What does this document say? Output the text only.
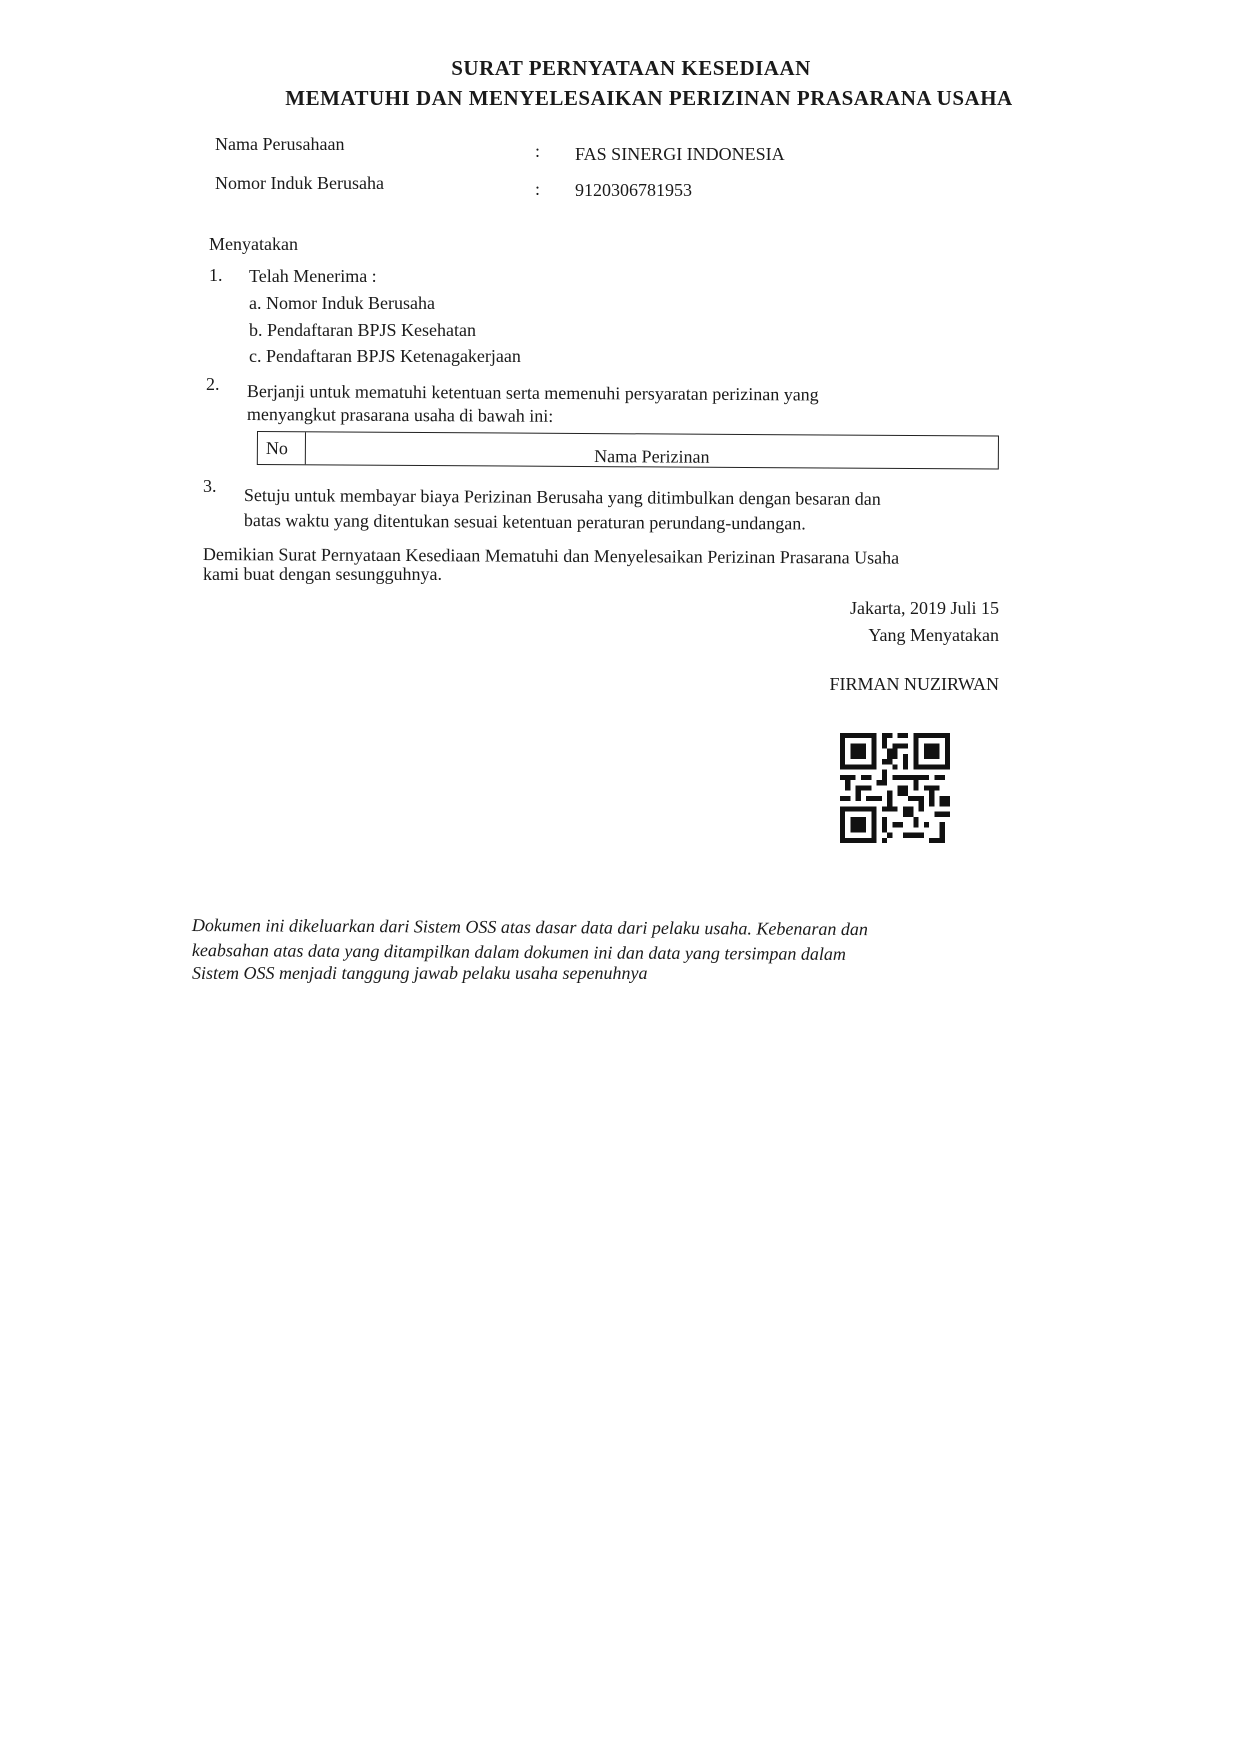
SURAT PERNYATAAN KESEDIAAN
MEMATUHI DAN MENYELESAIKAN PERIZINAN PRASARANA USAHA
Nama Perusahaan	: FAS SINERGI INDONESIA
Nomor Induk Berusaha	: 9120306781953
Menyatakan
1. Telah Menerima :
a. Nomor Induk Berusaha
b. Pendaftaran BPJS Kesehatan
c. Pendaftaran BPJS Ketenagakerjaan
2. Berjanji untuk mematuhi ketentuan serta memenuhi persyaratan perizinan yang
menyangkut prasarana usaha di bawah ini:
No	Nama Perizinan
3. Setuju untuk membayar biaya Perizinan Berusaha yang ditimbulkan dengan besaran dan
batas waktu yang ditentukan sesuai ketentuan peraturan perundang-undangan.
Demikian Surat Pernyataan Kesediaan Mematuhi dan Menyelesaikan Perizinan Prasarana Usaha
kami buat dengan sesungguhnya.
Jakarta, 2019 Juli 15
Yang Menyatakan
FIRMAN NUZIRWAN
Dokumen ini dikeluarkan dari Sistem OSS atas dasar data dari pelaku usaha. Kebenaran dan
keabsahan atas data yang ditampilkan dalam dokumen ini dan data yang tersimpan dalam
Sistem OSS menjadi tanggung jawab pelaku usaha sepenuhnya
